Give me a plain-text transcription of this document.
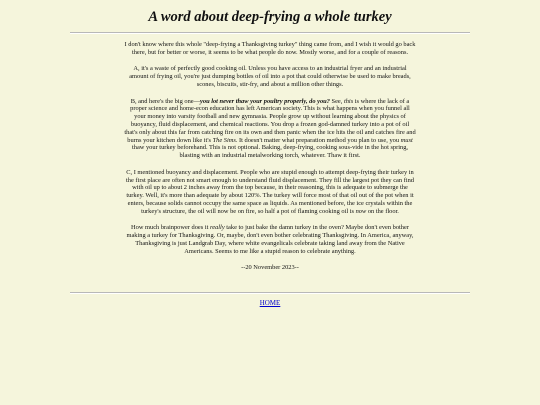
A word about deep-frying a whole turkey

I don't know where this whole "deep-frying a Thanksgiving turkey" thing came from, and I wish it would go back there, but for better or worse, it seems to be what people do now. Mostly worse, and for a couple of reasons.

A, it's a waste of perfectly good cooking oil. Unless you have access to an industrial fryer and an industrial amount of frying oil, you're just dumping bottles of oil into a pot that could otherwise be used to make breads, scones, biscuits, stir-fry, and about a million other things.

B, and here's the big one—you lot never thaw your poultry properly, do you? See, this is where the lack of a proper science and home-econ education has left American society. This is what happens when you funnel all your money into varsity football and new gymnasia. People grow up without learning about the physics of buoyancy, fluid displacement, and chemical reactions. You drop a frozen god-damned turkey into a pot of oil that's only about this far from catching fire on its own and then panic when the ice hits the oil and catches fire and burns your kitchen down like it's The Sims. It doesn't matter what preparation method you plan to use, you must thaw your turkey beforehand. This is not optional. Baking, deep-frying, cooking sous-vide in the hot spring, blasting with an industrial metalworking torch, whatever. Thaw it first.

C, I mentioned buoyancy and displacement. People who are stupid enough to attempt deep-frying their turkey in the first place are often not smart enough to understand fluid displacement. They fill the largest pot they can find with oil up to about 2 inches away from the top because, in their reasoning, this is adequate to submerge the turkey. Well, it's more than adequate by about 120%. The turkey will force most of that oil out of the pot when it enters, because solids cannot occupy the same space as liquids. As mentioned before, the ice crystals within the turkey's structure, the oil will now be on fire, so half a pot of flaming cooking oil is now on the floor.

How much brainpower does it really take to just bake the damn turkey in the oven? Maybe don't even bother making a turkey for Thanksgiving. Or, maybe, don't even bother celebrating Thanksgiving. In America, anyway, Thanksgiving is just Landgrab Day, where white evangelicals celebrate taking land away from the Native Americans. Seems to me like a stupid reason to celebrate anything.

--20 November 2023--

HOME
